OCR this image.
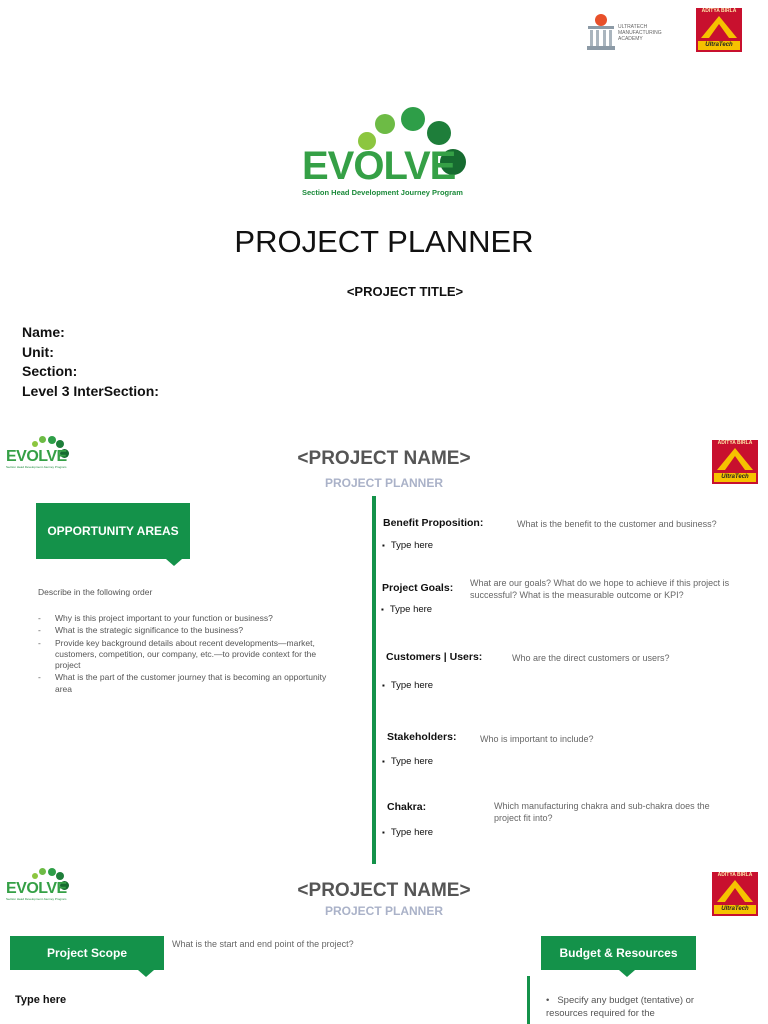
ULTRATECH
MANUFACTURING
ACADEMY
ADITYA BIRLA
UltraTech
EVOLVE
Section Head Development Journey Program
PROJECT PLANNER
<PROJECT TITLE>
Name:
Unit:
Section:
Level 3 InterSection:
EVOLVE
Section Head Development Journey Program
ADITYA BIRLA
UltraTech
<PROJECT NAME>
PROJECT PLANNER
OPPORTUNITY AREAS
Describe in the following order
- Why is this project important to your function or business?
- What is the strategic significance to the business?
- Provide key background details about recent developments—market, customers, competition, our company, etc.—to provide context for the project
- What is the part of the customer journey that is becoming an opportunity area
Benefit Proposition:	What is the benefit to the customer and business?
▪ Type here
Project Goals: What are our goals? What do we hope to achieve if this project is successful? What is the measurable outcome or KPI?
▪ Type here
Customers | Users:	Who are the direct customers or users?
▪ Type here
Stakeholders:	Who is important to include?
▪ Type here
Chakra:	Which manufacturing chakra and sub-chakra does the project fit into?
▪ Type here
EVOLVE
Section Head Development Journey Program
ADITYA BIRLA
UltraTech
<PROJECT NAME>
PROJECT PLANNER
Project Scope
What is the start and end point of the project?
Type here
Budget & Resources
• Specify any budget (tentative) or resources required for the
